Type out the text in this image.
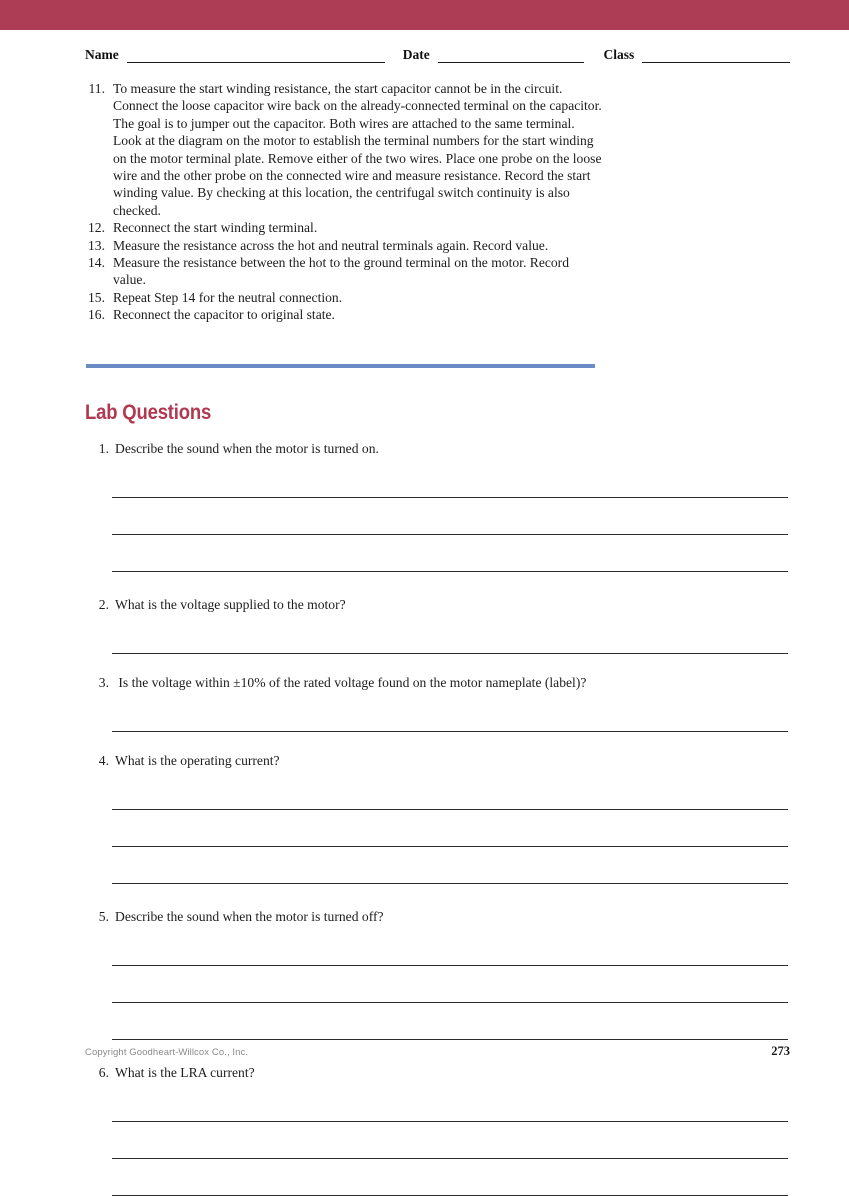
Name	Date	Class
11. To measure the start winding resistance, the start capacitor cannot be in the circuit. Connect the loose capacitor wire back on the already-connected terminal on the capacitor. The goal is to jumper out the capacitor. Both wires are attached to the same terminal. Look at the diagram on the motor to establish the terminal numbers for the start winding on the motor terminal plate. Remove either of the two wires. Place one probe on the loose wire and the other probe on the connected wire and measure resistance. Record the start winding value. By checking at this location, the centrifugal switch continuity is also checked.
12. Reconnect the start winding terminal.
13. Measure the resistance across the hot and neutral terminals again. Record value.
14. Measure the resistance between the hot to the ground terminal on the motor. Record value.
15. Repeat Step 14 for the neutral connection.
16. Reconnect the capacitor to original state.
Lab Questions
1. Describe the sound when the motor is turned on.
2. What is the voltage supplied to the motor?
3. Is the voltage within ±10% of the rated voltage found on the motor nameplate (label)?
4. What is the operating current?
5. Describe the sound when the motor is turned off?
6. What is the LRA current?
Copyright Goodheart-Willcox Co., Inc.	273
